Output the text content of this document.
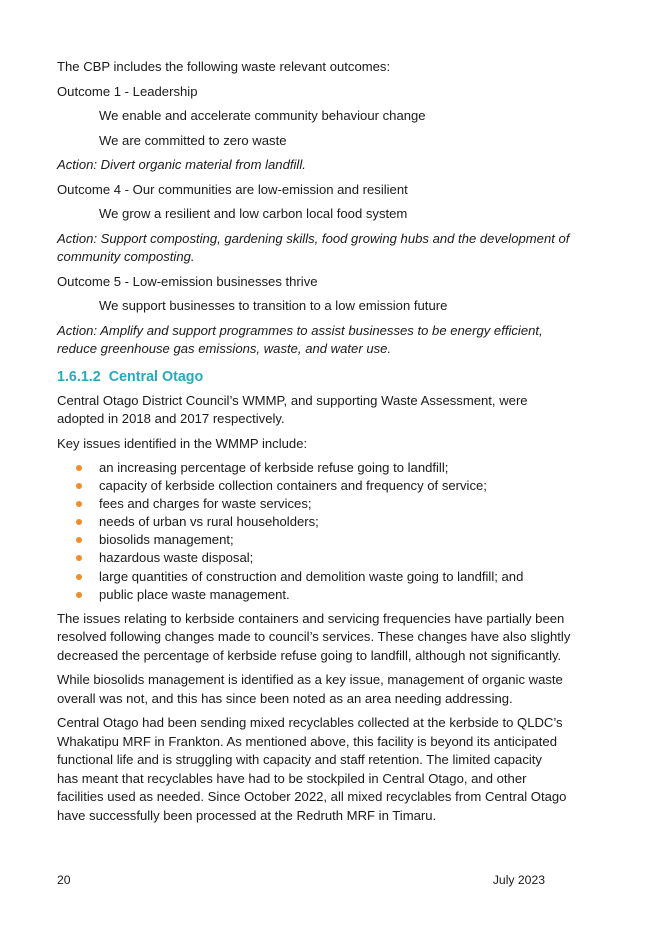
The CBP includes the following waste relevant outcomes:

Outcome 1 - Leadership

We enable and accelerate community behaviour change

We are committed to zero waste

Action: Divert organic material from landfill.

Outcome 4 - Our communities are low-emission and resilient

We grow a resilient and low carbon local food system

Action: Support composting, gardening skills, food growing hubs and the development of
community composting.

Outcome 5 - Low-emission businesses thrive

We support businesses to transition to a low emission future

Action: Amplify and support programmes to assist businesses to be energy efficient,
reduce greenhouse gas emissions, waste, and water use.

1.6.1.2 Central Otago

Central Otago District Council’s WMMP, and supporting Waste Assessment, were
adopted in 2018 and 2017 respectively.

Key issues identified in the WMMP include:

an increasing percentage of kerbside refuse going to landfill;
capacity of kerbside collection containers and frequency of service;
fees and charges for waste services;
needs of urban vs rural householders;
biosolids management;
hazardous waste disposal;
large quantities of construction and demolition waste going to landfill; and
public place waste management.

The issues relating to kerbside containers and servicing frequencies have partially been
resolved following changes made to council’s services. These changes have also slightly
decreased the percentage of kerbside refuse going to landfill, although not significantly.

While biosolids management is identified as a key issue, management of organic waste
overall was not, and this has since been noted as an area needing addressing.

Central Otago had been sending mixed recyclables collected at the kerbside to QLDC’s
Whakatipu MRF in Frankton. As mentioned above, this facility is beyond its anticipated
functional life and is struggling with capacity and staff retention. The limited capacity
has meant that recyclables have had to be stockpiled in Central Otago, and other
facilities used as needed. Since October 2022, all mixed recyclables from Central Otago
have successfully been processed at the Redruth MRF in Timaru.

20	July 2023
